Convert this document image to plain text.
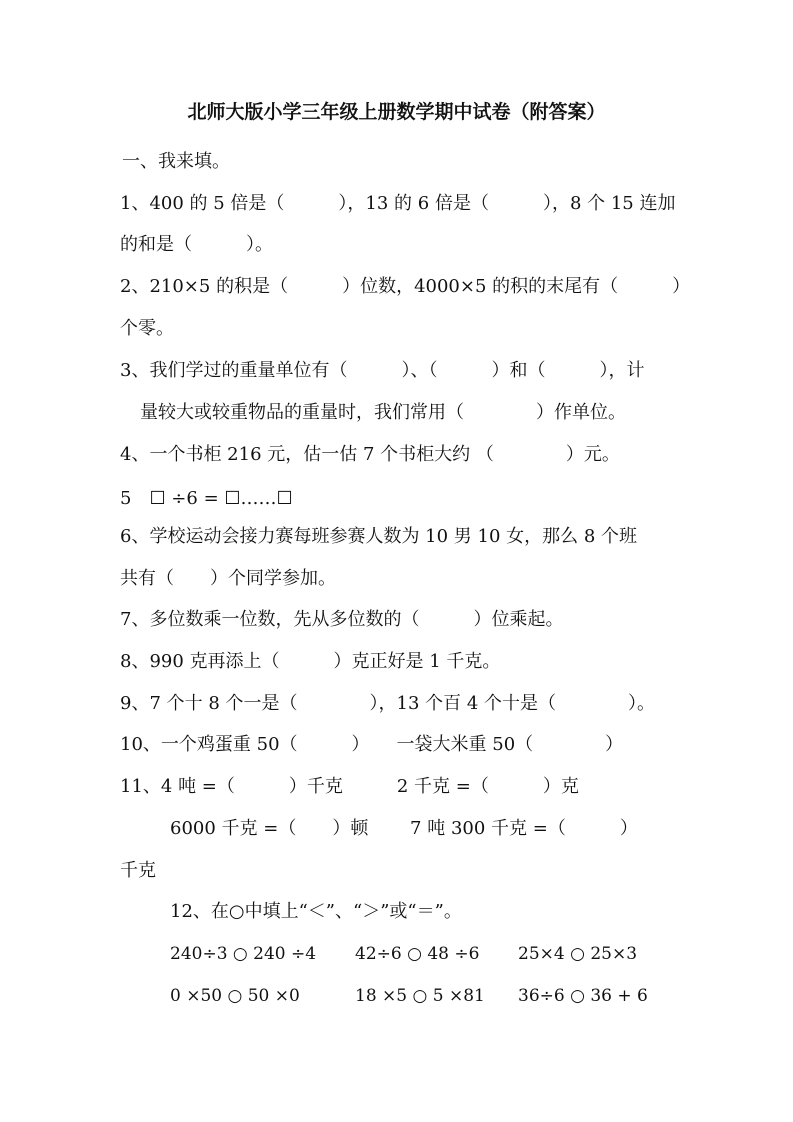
北师大版小学三年级上册数学期中试卷（附答案）
一、我来填。
1、400 的 5 倍是（　　　），13 的 6 倍是（　　　），8 个 15 连加
的和是（　　　）。
2、210×5 的积是（　　　）位数，4000×5 的积的末尾有（　　　）
个零。
3、我们学过的重量单位有（　　　）、（　　　）和（　　　），计
量较大或较重物品的重量时，我们常用（　　　　）作单位。
4、一个书柜 216 元，估一估 7 个书柜大约 （　　　　）元。
5　☐ ÷6 = ☐……☐
6、学校运动会接力赛每班参赛人数为 10 男 10 女，那么 8 个班
共有（　　）个同学参加。
7、多位数乘一位数，先从多位数的（　　　）位乘起。
8、990 克再添上（　　　）克正好是 1 千克。
9、7 个十 8 个一是（　　　　），13 个百 4 个十是（　　　　）。
10、一个鸡蛋重 50（　　　）　　一袋大米重 50（　　　　）
11、4 吨 =（　　　）千克　　　2 千克 =（　　　）克
6000 千克 =（　　）顿　　 7 吨 300 千克 =（　　　）
千克
12、在○中填上“＜”、“＞”或“＝”。
240÷3 ○ 240 ÷4 42÷6 ○ 48 ÷6 25×4 ○ 25×3
0 ×50 ○ 50 ×0	18 ×5 ○ 5 ×81 36÷6 ○ 36 + 6
